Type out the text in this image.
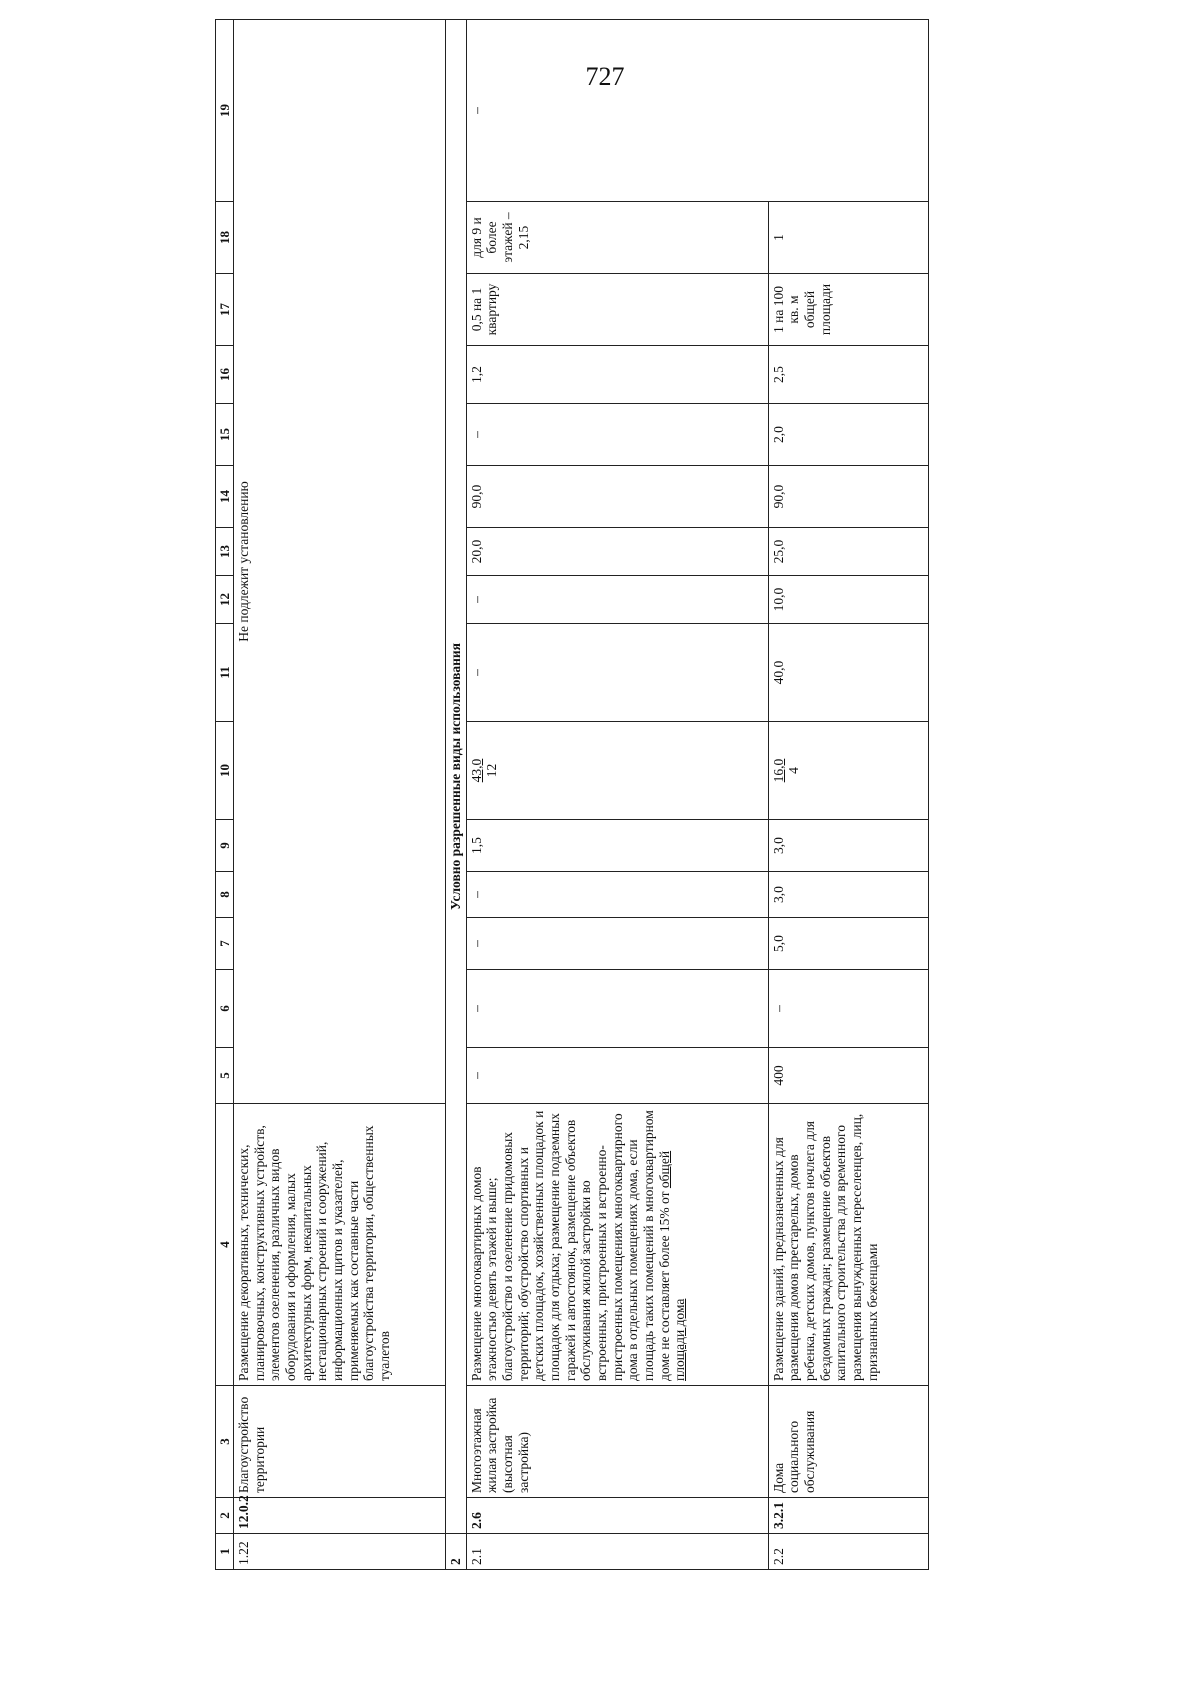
727
1	2	3	4	5	6	7	8	9	10	11	12	13	14	15	16	17	18	19
1.22	12.0.2	Благоустройство территории	Размещение декоративных, технических, планировочных, конструктивных устройств, элементов озеленения, различных видов оборудования и оформления, малых архитектурных форм, некапитальных нестационарных строений и сооружений, информационных щитов и указателей, применяемых как составные части благоустройства территории, общественных туалетов	Не подлежит установлению														
2	Условно разрешенные виды использования																	
2.1	2.6	Многоэтажная жилая застройка (высотная застройка)	Размещение многоквартирных домов этажностью девять этажей и выше; благоустройство и озеленение придомовых территорий; обустройство спортивных и детских площадок, хозяйственных площадок и площадок для отдыха; размещение подземных гаражей и автостоянок, размещение объектов обслуживания жилой застройки во встроенных, пристроенных и встроенно-пристроенных помещениях многоквартирного дома в отдельных помещениях дома, если площадь таких помещений в многоквартирном доме не составляет более 15% от общей площади дома	–	–	–	–	1,5	43,0 12	–	–	20,0	90,0	–	1,2	0,5 на 1 квартиру	для 9 и более этажей – 2,15	–
2.2	3.2.1	Дома социального обслуживания	Размещение зданий, предназначенных для размещения домов престарелых, домов ребенка, детских домов, пунктов ночлега для бездомных граждан; размещение объектов капитального строительства для временного размещения вынужденных переселенцев, лиц, признанных беженцами	400	–	5,0	3,0	3,0	16,0 4	40,0	10,0	25,0	90,0	2,0	2,5	1 на 100 кв. м общей площади	1	
